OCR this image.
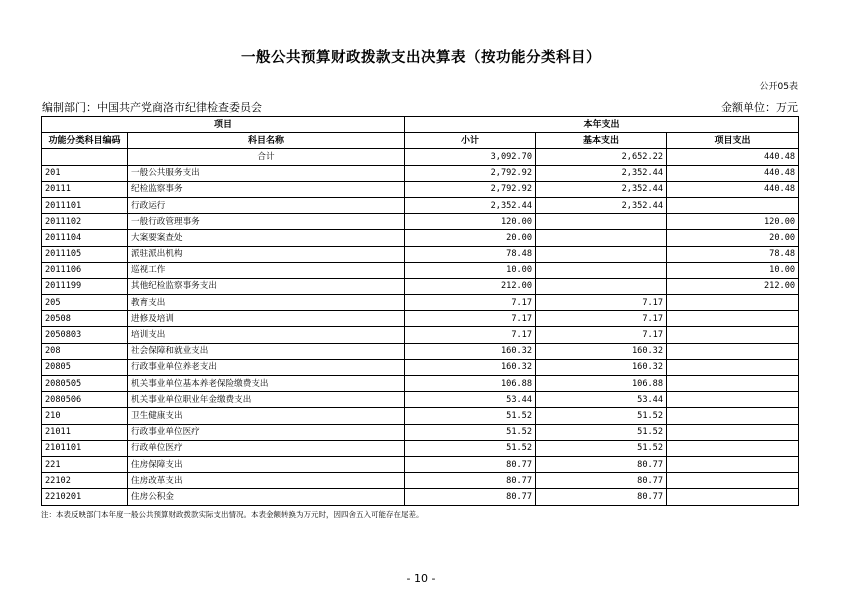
一般公共预算财政拨款支出决算表（按功能分类科目）
公开05表
编制部门：中国共产党商洛市纪律检查委员会	金额单位：万元
项目		本年支出		
功能分类科目编码	科目名称	小计	基本支出	项目支出
	合计	3,092.70	2,652.22	440.48
201	一般公共服务支出	2,792.92	2,352.44	440.48
20111	纪检监察事务	2,792.92	2,352.44	440.48
2011101	行政运行	2,352.44	2,352.44	
2011102	一般行政管理事务	120.00		120.00
2011104	大案要案查处	20.00		20.00
2011105	派驻派出机构	78.48		78.48
2011106	巡视工作	10.00		10.00
2011199	其他纪检监察事务支出	212.00		212.00
205	教育支出	7.17	7.17	
20508	进修及培训	7.17	7.17	
2050803	培训支出	7.17	7.17	
208	社会保障和就业支出	160.32	160.32	
20805	行政事业单位养老支出	160.32	160.32	
2080505	机关事业单位基本养老保险缴费支出	106.88	106.88	
2080506	机关事业单位职业年金缴费支出	53.44	53.44	
210	卫生健康支出	51.52	51.52	
21011	行政事业单位医疗	51.52	51.52	
2101101	行政单位医疗	51.52	51.52	
221	住房保障支出	80.77	80.77	
22102	住房改革支出	80.77	80.77	
2210201	住房公积金	80.77	80.77	
注：本表反映部门本年度一般公共预算财政拨款实际支出情况。本表金额转换为万元时，因四舍五入可能存在尾差。
- 10 -
